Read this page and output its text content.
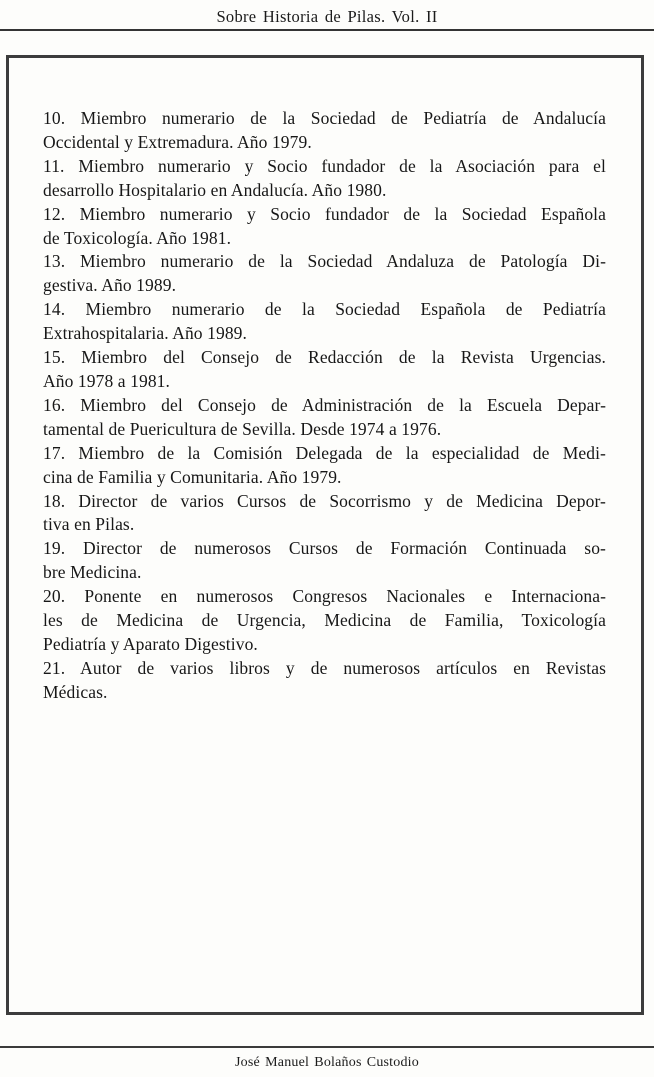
Sobre Historia de Pilas. Vol. II

10. Miembro numerario de la Sociedad de Pediatría de Andalucía
Occidental y Extremadura. Año 1979.

11. Miembro numerario y Socio fundador de la Asociación para el
desarrollo Hospitalario en Andalucía. Año 1980.

12. Miembro numerario y Socio fundador de la Sociedad Española
de Toxicología. Año 1981.

13. Miembro numerario de la Sociedad Andaluza de Patología Di-
gestiva. Año 1989.

14. Miembro numerario de la Sociedad Española de Pediatría
Extrahospitalaria. Año 1989.

15. Miembro del Consejo de Redacción de la Revista Urgencias.
Año 1978 a 1981.

16. Miembro del Consejo de Administración de la Escuela Depar-
tamental de Puericultura de Sevilla. Desde 1974 a 1976.

17. Miembro de la Comisión Delegada de la especialidad de Medi-
cina de Familia y Comunitaria. Año 1979.

18. Director de varios Cursos de Socorrismo y de Medicina Depor-
tiva en Pilas.

19. Director de numerosos Cursos de Formación Continuada so-
bre Medicina.

20. Ponente en numerosos Congresos Nacionales e Internaciona-
les de Medicina de Urgencia, Medicina de Familia, Toxicología
Pediatría y Aparato Digestivo.

21. Autor de varios libros y de numerosos artículos en Revistas
Médicas.

José Manuel Bolaños Custodio
